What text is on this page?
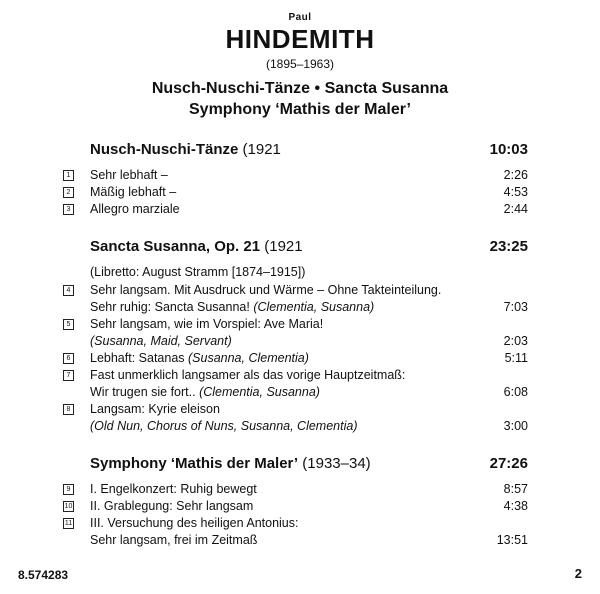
Paul
HINDEMITH
(1895–1963)
Nusch-Nuschi-Tänze • Sancta Susanna
Symphony ‘Mathis der Maler’
Nusch-Nuschi-Tänze (1921	10:03
1 Sehr lebhaft –	2:26
2 Mäßig lebhaft –	4:53
3 Allegro marziale	2:44
Sancta Susanna, Op. 21 (1921	23:25
(Libretto: August Stramm [1874–1915])
4 Sehr langsam. Mit Ausdruck und Wärme – Ohne Takteinteilung.
Sehr ruhig: Sancta Susanna! (Clementia, Susanna)	7:03
5 Sehr langsam, wie im Vorspiel: Ave Maria!
(Susanna, Maid, Servant)	2:03
6 Lebhaft: Satanas (Susanna, Clementia)	5:11
7 Fast unmerklich langsamer als das vorige Hauptzeitmaß:
Wir trugen sie fort.. (Clementia, Susanna)	6:08
8 Langsam: Kyrie eleison
(Old Nun, Chorus of Nuns, Susanna, Clementia)	3:00
Symphony ‘Mathis der Maler’ (1933–34)	27:26
9 I. Engelkonzert: Ruhig bewegt	8:57
10 II. Grablegung: Sehr langsam	4:38
11 III. Versuchung des heiligen Antonius:
Sehr langsam, frei im Zeitmaß	13:51
8.574283	2
